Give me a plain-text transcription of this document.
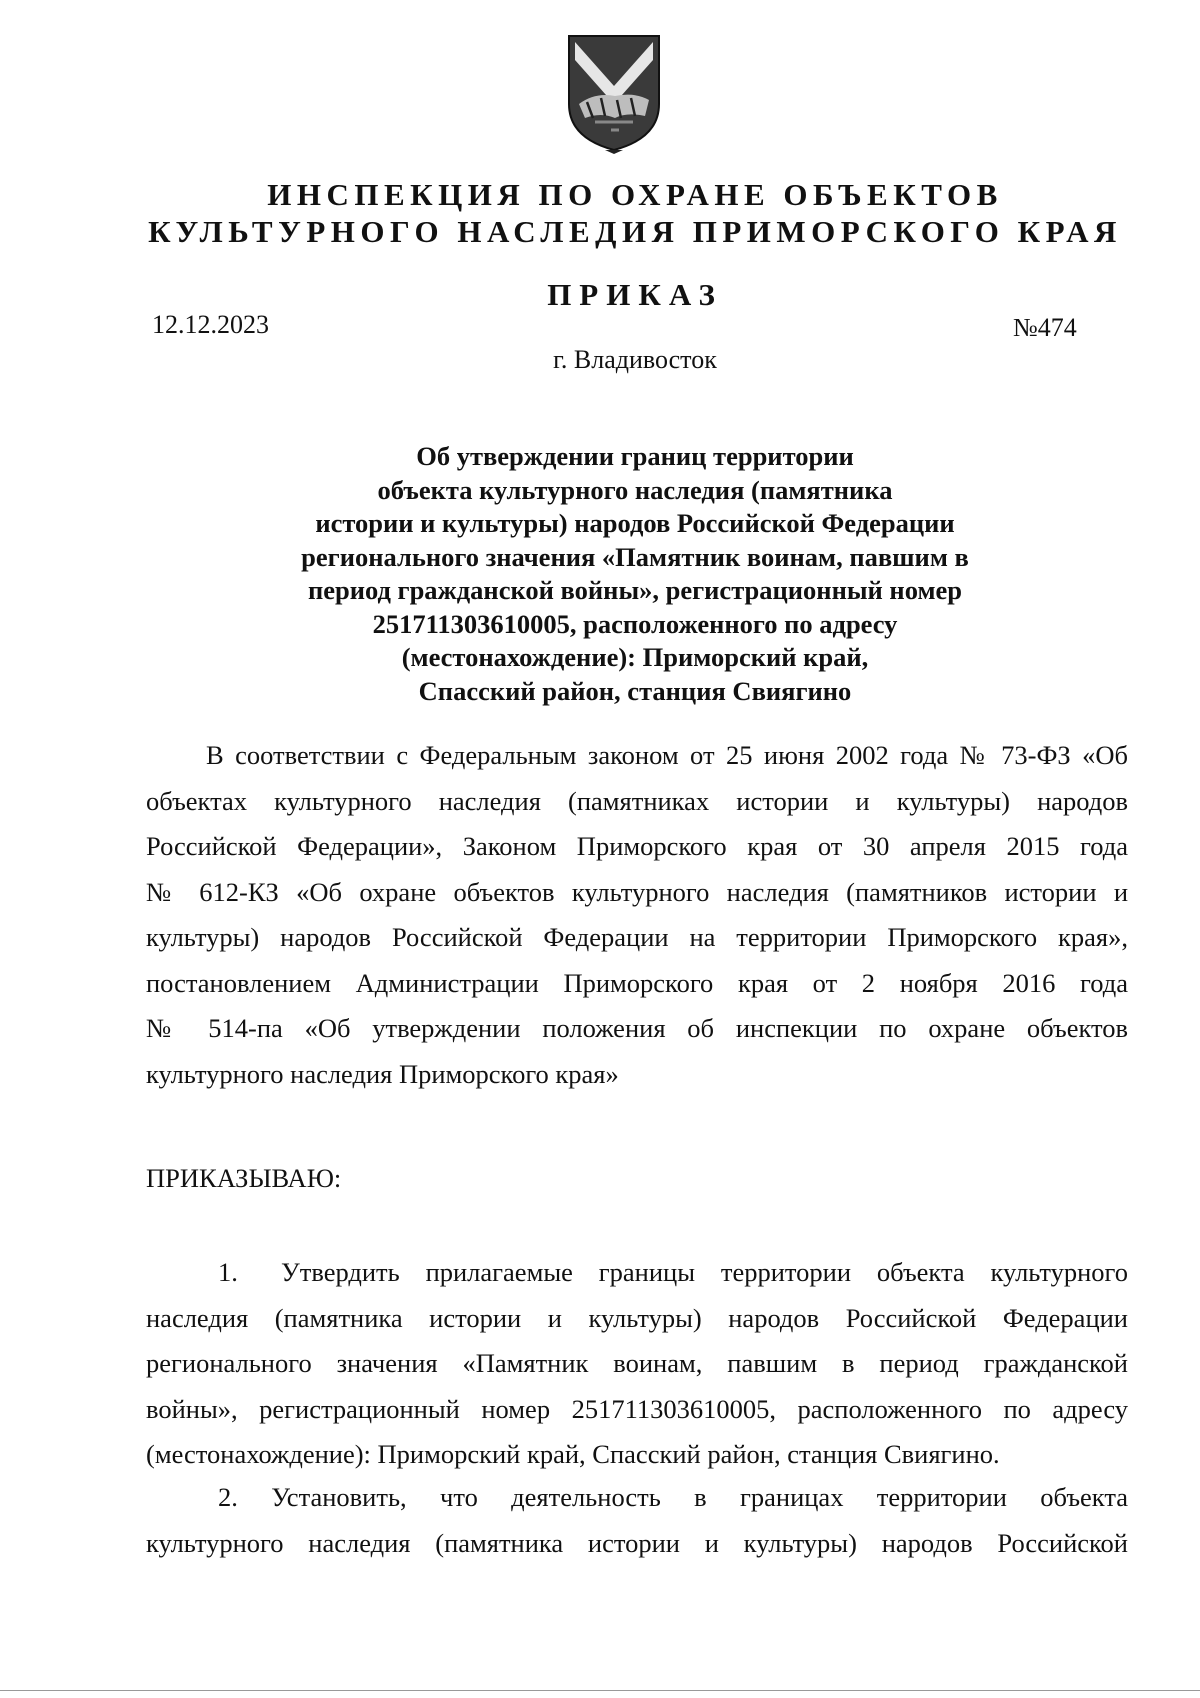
ИНСПЕКЦИЯ ПО ОХРАНЕ ОБЪЕКТОВ
КУЛЬТУРНОГО НАСЛЕДИЯ ПРИМОРСКОГО КРАЯ
ПРИКАЗ
12.12.2023	№474
г. Владивосток
Об утверждении границ территории
объекта культурного наследия (памятника
истории и культуры) народов Российской Федерации
регионального значения «Памятник воинам, павшим в
период гражданской войны», регистрационный номер
251711303610005, расположенного по адресу
(местонахождение): Приморский край,
Спасский район, станция Свиягино
В соответствии с Федеральным законом от 25 июня 2002 года № 73-ФЗ «Об
объектах культурного наследия (памятниках истории и культуры) народов
Российской Федерации», Законом Приморского края от 30 апреля 2015 года
№ 612-КЗ «Об охране объектов культурного наследия (памятников истории и
культуры) народов Российской Федерации на территории Приморского края»,
постановлением Администрации Приморского края от 2 ноября 2016 года
№ 514-па «Об утверждении положения об инспекции по охране объектов
культурного наследия Приморского края»
ПРИКАЗЫВАЮ:
1.	Утвердить прилагаемые границы территории объекта культурного
наследия (памятника истории и культуры) народов Российской Федерации
регионального значения «Памятник воинам, павшим в период гражданской
войны», регистрационный номер 251711303610005, расположенного по адресу
(местонахождение): Приморский край, Спасский район, станция Свиягино.
2. Установить, что деятельность в границах территории объекта
культурного наследия (памятника истории и культуры) народов Российской
